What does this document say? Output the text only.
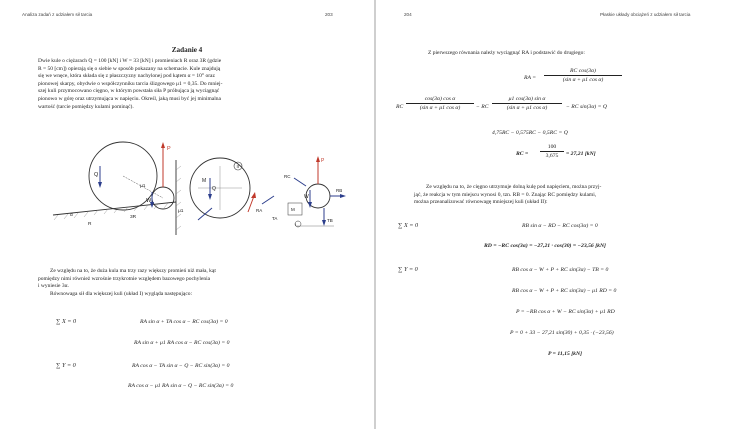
Analiza zadań z udziałem sił tarcia	203
Zadanie 4
Dwie kule o ciężarach Q = 100 [kN] i W = 33 [kN] i promieniach R oraz 3R (gdzie
R = 50 [cm]) opierają się o siebie w sposób pokazany na schemacie. Kule znajdują
się we wnęce, która składa się z płaszczyzny nachylonej pod kątem α = 10° oraz
pionowej skarpy, obydwie o współczynniku tarcia ślizgowego μ1 = 0,35. Do mniej-
szej kuli przymocowano cięgno, w którym powstała siła P próbująca ją wyciągnąć
pionowo w górę oraz utrzymująca w napięciu. Określ, jaką musi być jej minimalna
wartość (tarcie pomiędzy kulami pominąć).
Q
W
μ1
α
R
3R
μ1
P
II
M
Q
M
P
W
RB
TB
RC
RA
TA
I
Ze względu na to, że duża kula ma trzy razy większy promień niż mała, kąt
pomiędzy nimi również wzrośnie trzykrotnie względem bazowego pochylenia
i wyniesie 3α.
Równowaga sił dla większej kuli (układ I) wygląda następująco:
∑ X = 0	RA sin α + TA cos α − RC cos(3α) = 0
RA sin α + μ1 RA cos α − RC cos(3α) = 0
∑ Y = 0	RA cos α − TA sin α − Q − RC sin(3α) = 0
RA cos α − μ1 RA sin α − Q − RC sin(3α) = 0
204	Płaskie układy obciążeń z udziałem sił tarcia
Z pierwszego równania należy wyciągnąć RA i podstawić do drugiego:
RA =
RC cos(3α)
(sin α + μ1 cos α)
RC
cos(3α) cos α
(sin α + μ1 cos α)	− RC
μ1 cos(3α) sin α
(sin α + μ1 cos α)	− RC sin(3α) = Q
4,75RC − 0,575RC − 0,5RC = Q
RC =
100
3,675	= 27,21 [kN]
Ze względu na to, że cięgno utrzymuje dolną kulę pod napięciem, można przyj-
jąć, że reakcja w tym miejscu wynosi 0, tzn. RB = 0. Znając RC pomiędzy kulami,
można przeanalizować równowagę mniejszej kuli (układ II):
∑ X = 0	RB sin α − RD − RC cos(3α) = 0
RD = −RC cos(3α) = −27,21 · cos(30) = −23,56 [kN]
∑ Y = 0	RB cos α − W + P + RC sin(3α) − TB = 0
RB cos α − W + P + RC sin(3α) − μ1 RD = 0
P = −RB cos α + W − RC sin(3α) + μ1 RD
P = 0 + 33 − 27,21 sin(30) + 0,35 · (−23,56)
P = 11,15 [kN]
